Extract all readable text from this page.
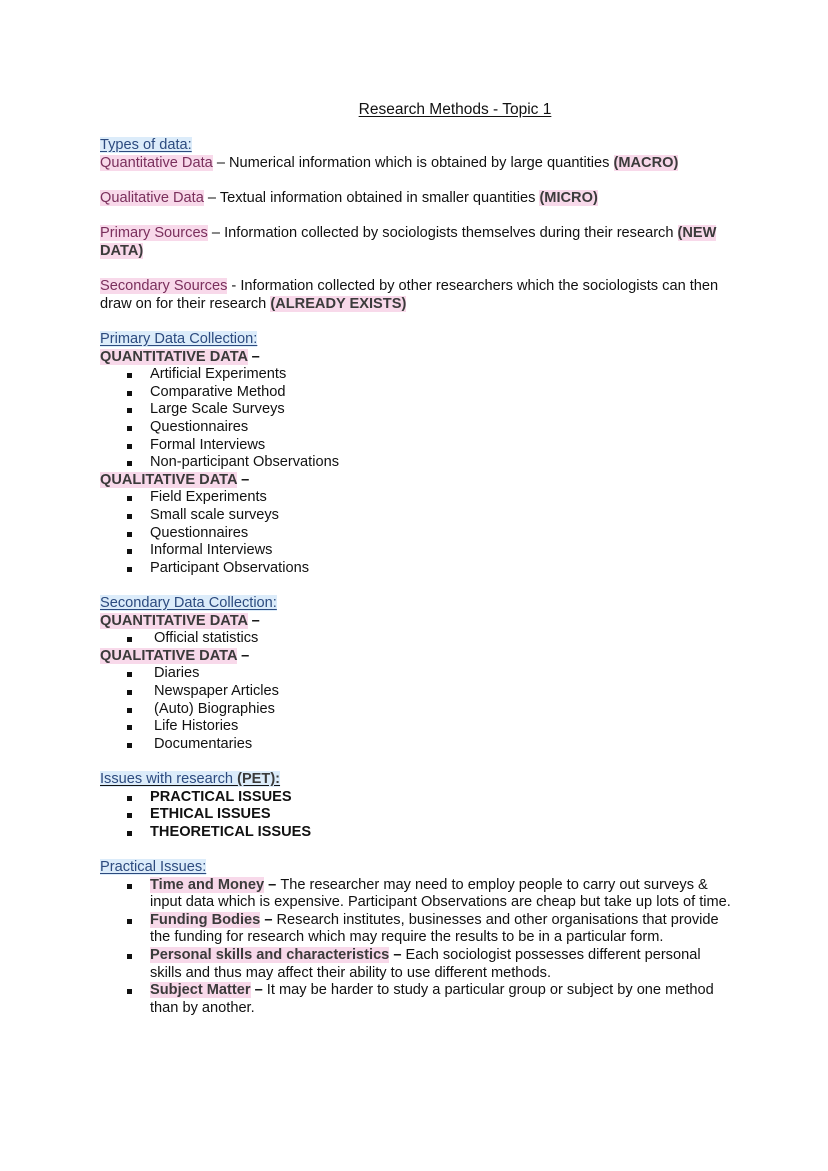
Research Methods - Topic 1
Types of data:
Quantitative Data – Numerical information which is obtained by large quantities (MACRO)
Qualitative Data – Textual information obtained in smaller quantities (MICRO)
Primary Sources – Information collected by sociologists themselves during their research (NEW DATA)
Secondary Sources - Information collected by other researchers which the sociologists can then draw on for their research (ALREADY EXISTS)
Primary Data Collection:
QUANTITATIVE DATA –
Artificial Experiments
Comparative Method
Large Scale Surveys
Questionnaires
Formal Interviews
Non-participant Observations
QUALITATIVE DATA –
Field Experiments
Small scale surveys
Questionnaires
Informal Interviews
Participant Observations
Secondary Data Collection:
QUANTITATIVE DATA –
Official statistics
QUALITATIVE DATA –
Diaries
Newspaper Articles
(Auto) Biographies
Life Histories
Documentaries
Issues with research (PET):
PRACTICAL ISSUES
ETHICAL ISSUES
THEORETICAL ISSUES
Practical Issues:
Time and Money – The researcher may need to employ people to carry out surveys & input data which is expensive. Participant Observations are cheap but take up lots of time.
Funding Bodies – Research institutes, businesses and other organisations that provide the funding for research which may require the results to be in a particular form.
Personal skills and characteristics – Each sociologist possesses different personal skills and thus may affect their ability to use different methods.
Subject Matter – It may be harder to study a particular group or subject by one method than by another.
